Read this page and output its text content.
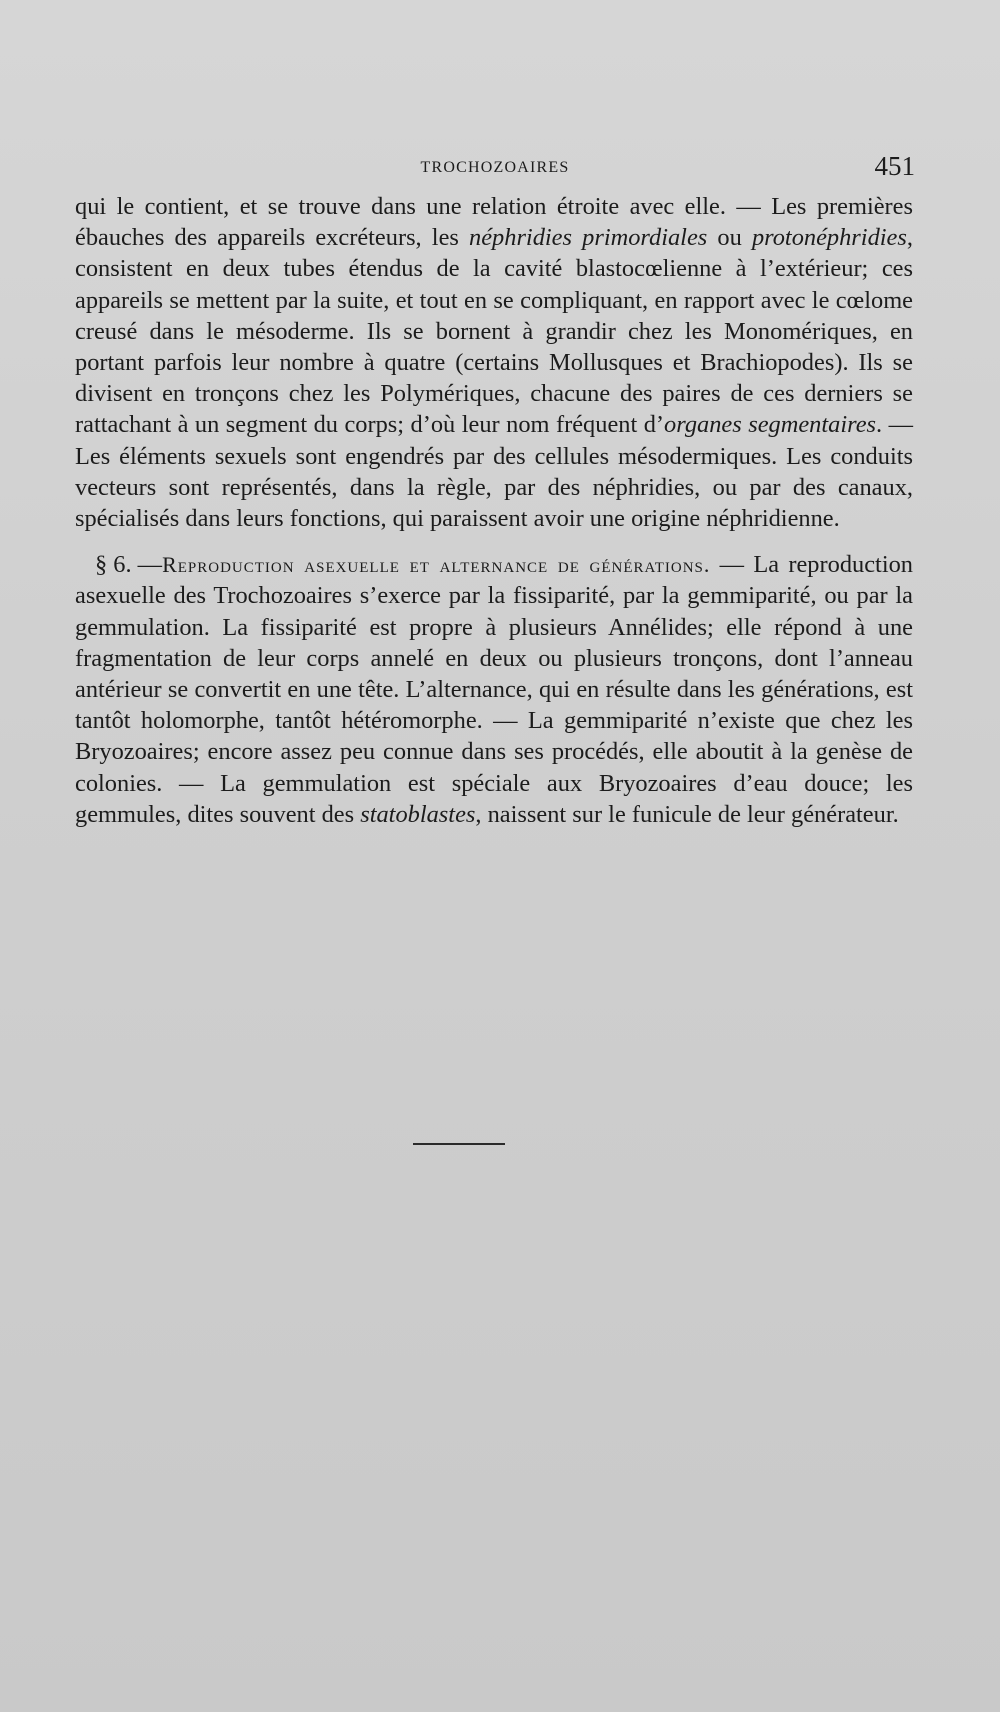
TROCHOZOAIRES	451

qui le contient, et se trouve dans une relation étroite avec elle. — Les premières ébauches des appareils excréteurs, les néphridies primordiales ou protonéphridies, consistent en deux tubes étendus de la cavité blastocœlienne à l’extérieur; ces appareils se mettent par la suite, et tout en se compliquant, en rapport avec le cœlome creusé dans le mésoderme. Ils se bornent à grandir chez les Monomériques, en portant parfois leur nombre à quatre (certains Mollusques et Brachiopodes). Ils se divisent en tronçons chez les Polymériques, chacune des paires de ces derniers se rattachant à un segment du corps; d’où leur nom fréquent d’organes segmentaires. — Les éléments sexuels sont engendrés par des cellules mésodermiques. Les conduits vecteurs sont représentés, dans la règle, par des néphridies, ou par des canaux, spécialisés dans leurs fonctions, qui paraissent avoir une origine néphridienne.

§ 6. —Reproduction asexuelle et alternance de générations. — La reproduction asexuelle des Trochozoaires s’exerce par la fissiparité, par la gemmiparité, ou par la gemmulation. La fissiparité est propre à plusieurs Annélides; elle répond à une fragmentation de leur corps annelé en deux ou plusieurs tronçons, dont l’anneau antérieur se convertit en une tête. L’alternance, qui en résulte dans les générations, est tantôt holomorphe, tantôt hétéromorphe. — La gemmiparité n’existe que chez les Bryozoaires; encore assez peu connue dans ses procédés, elle aboutit à la genèse de colonies. — La gemmulation est spéciale aux Bryozoaires d’eau douce; les gemmules, dites souvent des statoblastes, naissent sur le funicule de leur générateur.
